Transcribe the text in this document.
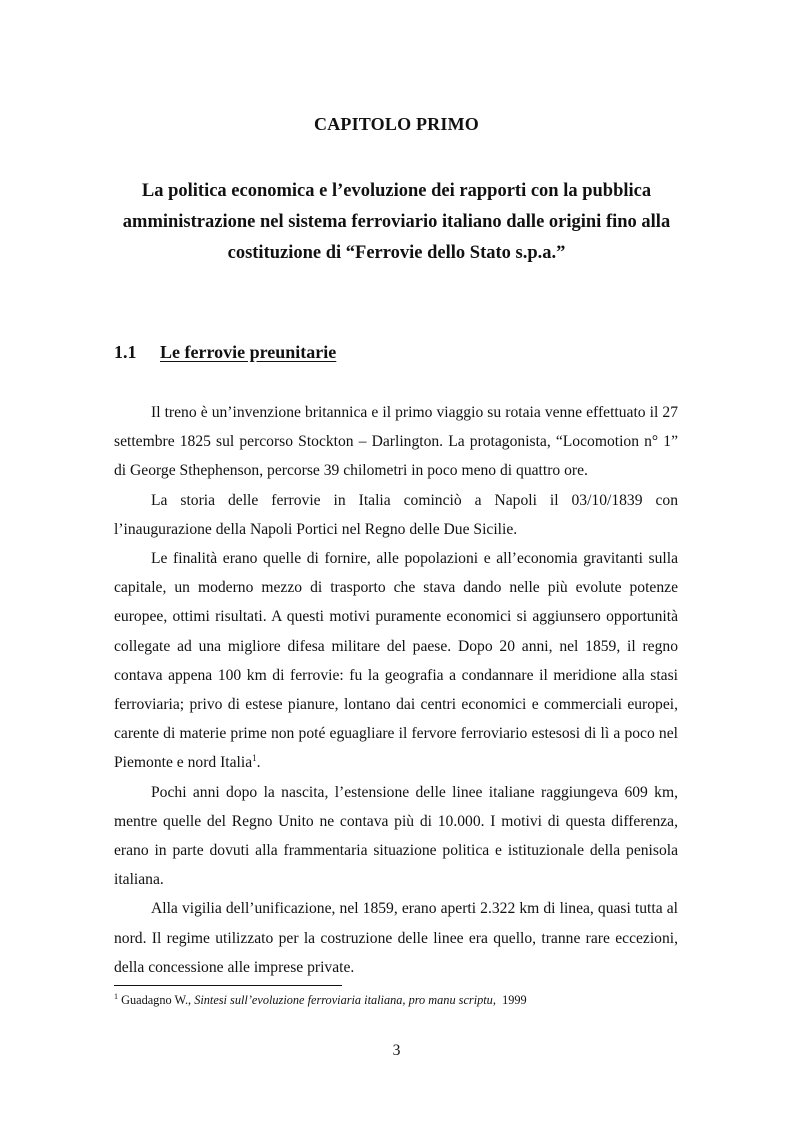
CAPITOLO PRIMO
La politica economica e l’evoluzione dei rapporti con la pubblica amministrazione nel sistema ferroviario italiano dalle origini fino alla costituzione di “Ferrovie dello Stato s.p.a.”
1.1 Le ferrovie preunitarie

Il treno è un’invenzione britannica e il primo viaggio su rotaia venne effettuato il 27 settembre 1825 sul percorso Stockton – Darlington. La protagonista, “Locomotion n° 1” di George Sthephenson, percorse 39 chilometri in poco meno di quattro ore.

La storia delle ferrovie in Italia cominciò a Napoli il 03/10/1839 con l’inaugurazione della Napoli Portici nel Regno delle Due Sicilie.

Le finalità erano quelle di fornire, alle popolazioni e all’economia gravitanti sulla capitale, un moderno mezzo di trasporto che stava dando nelle più evolute potenze europee, ottimi risultati. A questi motivi puramente economici si aggiunsero opportunità collegate ad una migliore difesa militare del paese. Dopo 20 anni, nel 1859, il regno contava appena 100 km di ferrovie: fu la geografia a condannare il meridione alla stasi ferroviaria; privo di estese pianure, lontano dai centri economici e commerciali europei, carente di materie prime non poté eguagliare il fervore ferroviario estesosi di lì a poco nel Piemonte e nord Italia$^1$.

Pochi anni dopo la nascita, l’estensione delle linee italiane raggiungeva 609 km, mentre quelle del Regno Unito ne contava più di 10.000. I motivi di questa differenza, erano in parte dovuti alla frammentaria situazione politica e istituzionale della penisola italiana.

Alla vigilia dell’unificazione, nel 1859, erano aperti 2.322 km di linea, quasi tutta al nord. Il regime utilizzato per la costruzione delle linee era quello, tranne rare eccezioni, della concessione alle imprese private.

$^1$ Guadagno W., Sintesi sull’evoluzione ferroviaria italiana, pro manu scriptu, 1999
3
